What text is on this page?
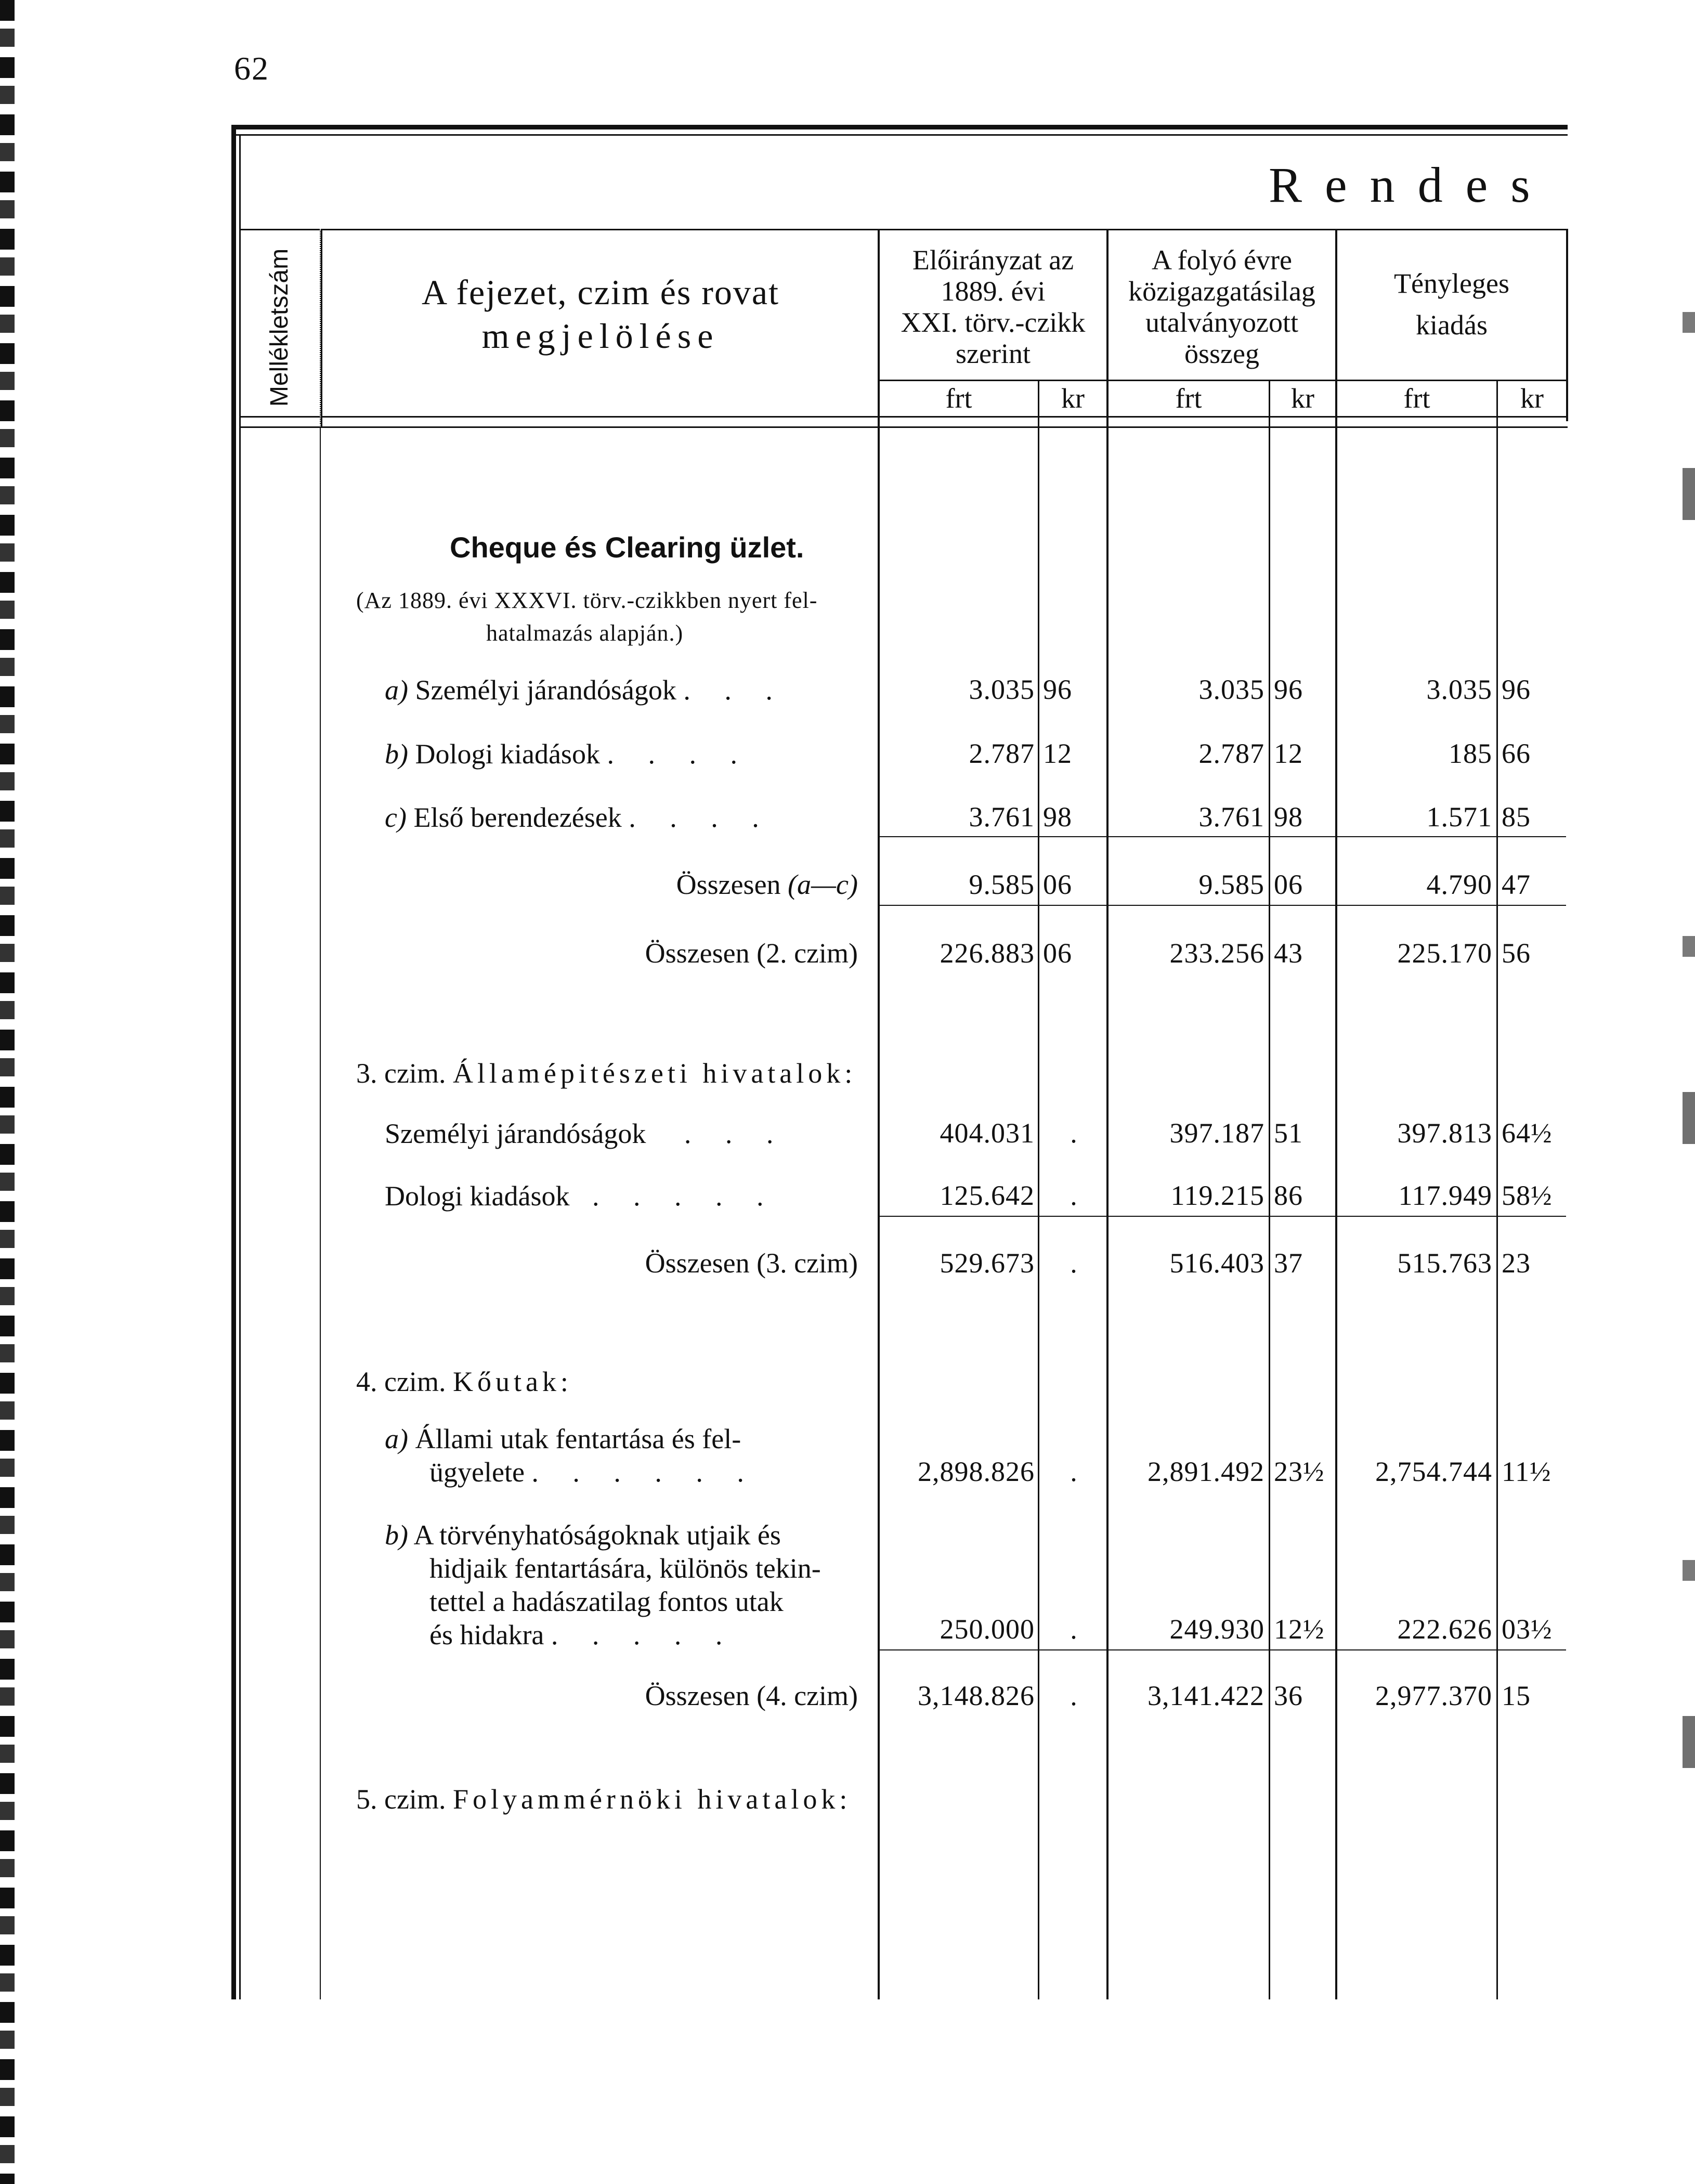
62
Rendes
Mellékletszám	A fejezet, czim és rovat
megjelölése
Előirányzat az
1889. évi
XXI. törv.-czikk
szerint
A folyó évre
közigazgatásilag
utalványozott
összeg
Tényleges
kiadás
frt	kr	frt	kr	frt	kr
Cheque és Clearing üzlet.
(Az 1889. évi XXXVI. törv.-czikkben nyert fel-
hatalmazás alapján.)
a) Személyi járandóságok . . .	3.035 96	3.035 96	3.035 96
b) Dologi kiadások . . . .	2.787 12	2.787 12	185 66
c) Első berendezések . . . .	3.761 98	3.761 98	1.571 85
Összesen (a—c)	9.585 06	9.585 06	4.790 47
Összesen (2. czim)	226.883 06	233.256 43	225.170 56
3. czim. Államépitészeti hivatalok:
Személyi járandóságok . . .	404.031	.	397.187 51	397.813 64½
Dologi kiadások . . . . .	125.642	.	119.215 86	117.949 58½
Összesen (3. czim)	529.673	.	516.403 37	515.763 23
4. czim. Kőutak:
a) Állami utak fentartása és fel-
ügyelete . . . . . .	2,898.826	.	2,891.492 23½	2,754.744 11½
b) A törvényhatóságoknak utjaik és
hidjaik fentartására, különös tekin-
tettel a hadászatilag fontos utak
és hidakra . . . . .	250.000	.	249.930 12½	222.626 03½
Összesen (4. czim)	3,148.826	.	3,141.422 36	2,977.370 15
5. czim. Folyammérnöki hivatalok:
